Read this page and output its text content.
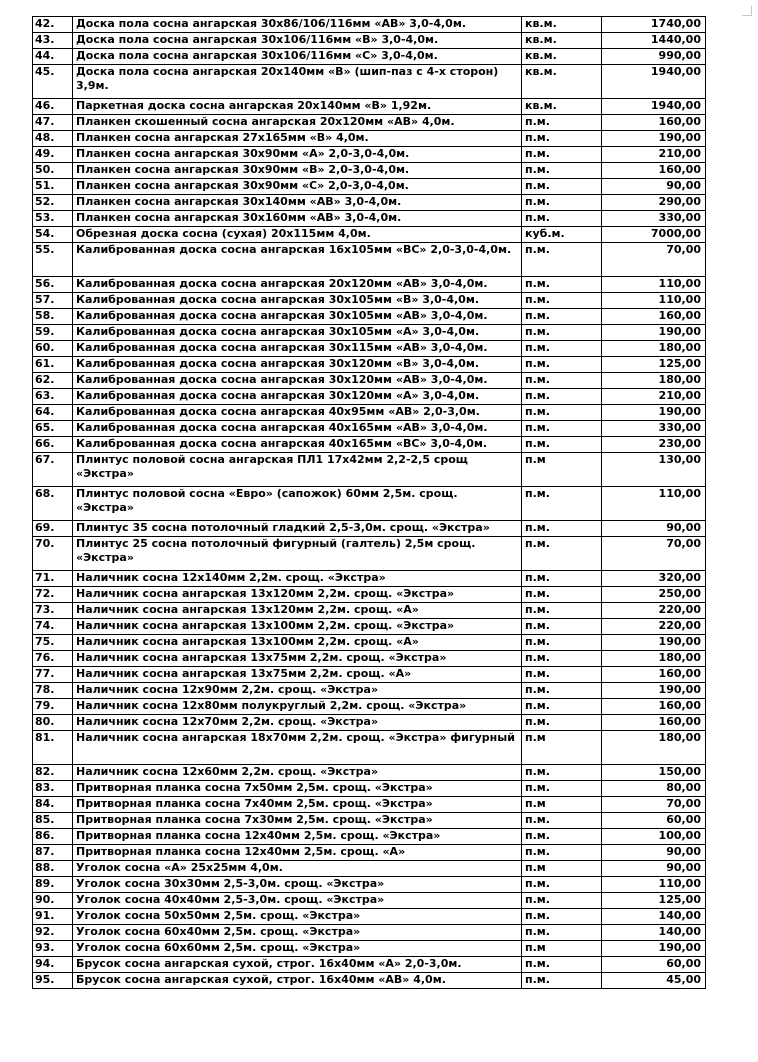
42.	Доска пола сосна ангарская 30х86/106/116мм «АВ» 3,0-4,0м.	кв.м.	1740,00
43.	Доска пола сосна ангарская 30х106/116мм «В» 3,0-4,0м.	кв.м.	1440,00
44.	Доска пола сосна ангарская 30х106/116мм «С» 3,0-4,0м.	кв.м.	990,00
45.	Доска пола сосна ангарская 20х140мм «В» (шип-паз с 4-х сторон) 3,9м.	кв.м.	1940,00
46.	Паркетная доска сосна ангарская 20х140мм «В» 1,92м.	кв.м.	1940,00
47.	Планкен скошенный сосна ангарская 20х120мм «АВ» 4,0м.	п.м.	160,00
48.	Планкен сосна ангарская 27х165мм «В» 4,0м.	п.м.	190,00
49.	Планкен сосна ангарская 30х90мм «А» 2,0-3,0-4,0м.	п.м.	210,00
50.	Планкен сосна ангарская 30х90мм «В» 2,0-3,0-4,0м.	п.м.	160,00
51.	Планкен сосна ангарская 30х90мм «С» 2,0-3,0-4,0м.	п.м.	90,00
52.	Планкен сосна ангарская 30х140мм «АВ» 3,0-4,0м.	п.м.	290,00
53.	Планкен сосна ангарская 30х160мм «АВ» 3,0-4,0м.	п.м.	330,00
54.	Обрезная доска сосна (сухая) 20х115мм 4,0м.	куб.м.	7000,00
55.	Калиброванная доска сосна ангарская 16х105мм «ВС» 2,0-3,0-4,0м.	п.м.	70,00
56.	Калиброванная доска сосна ангарская 20х120мм «АВ» 3,0-4,0м.	п.м.	110,00
57.	Калиброванная доска сосна ангарская 30х105мм «В» 3,0-4,0м.	п.м.	110,00
58.	Калиброванная доска сосна ангарская 30х105мм «АВ» 3,0-4,0м.	п.м.	160,00
59.	Калиброванная доска сосна ангарская 30х105мм «А» 3,0-4,0м.	п.м.	190,00
60.	Калиброванная доска сосна ангарская 30х115мм «АВ» 3,0-4,0м.	п.м.	180,00
61.	Калиброванная доска сосна ангарская 30х120мм «В» 3,0-4,0м.	п.м.	125,00
62.	Калиброванная доска сосна ангарская 30х120мм «АВ» 3,0-4,0м.	п.м.	180,00
63.	Калиброванная доска сосна ангарская 30х120мм «А» 3,0-4,0м.	п.м.	210,00
64.	Калиброванная доска сосна ангарская 40х95мм «АВ» 2,0-3,0м.	п.м.	190,00
65.	Калиброванная доска сосна ангарская 40х165мм «АВ» 3,0-4,0м.	п.м.	330,00
66.	Калиброванная доска сосна ангарская 40х165мм «ВС» 3,0-4,0м.	п.м.	230,00
67.	Плинтус половой сосна ангарская ПЛ1 17х42мм 2,2-2,5 срощ «Экстра»	п.м	130,00
68.	Плинтус половой сосна «Евро» (сапожок) 60мм 2,5м. срощ. «Экстра»	п.м.	110,00
69.	Плинтус 35 сосна потолочный гладкий 2,5-3,0м. срощ. «Экстра»	п.м.	90,00
70.	Плинтус 25 сосна потолочный фигурный (галтель) 2,5м срощ. «Экстра»	п.м.	70,00
71.	Наличник сосна 12х140мм 2,2м. срощ. «Экстра»	п.м.	320,00
72.	Наличник сосна ангарская 13х120мм 2,2м. срощ. «Экстра»	п.м.	250,00
73.	Наличник сосна ангарская 13х120мм 2,2м. срощ. «А»	п.м.	220,00
74.	Наличник сосна ангарская 13х100мм 2,2м. срощ. «Экстра»	п.м.	220,00
75.	Наличник сосна ангарская 13х100мм 2,2м. срощ. «А»	п.м.	190,00
76.	Наличник сосна ангарская 13х75мм 2,2м. срощ. «Экстра»	п.м.	180,00
77.	Наличник сосна ангарская 13х75мм 2,2м. срощ. «А»	п.м.	160,00
78.	Наличник сосна 12х90мм 2,2м. срощ. «Экстра»	п.м.	190,00
79.	Наличник сосна 12х80мм полукруглый 2,2м. срощ. «Экстра»	п.м.	160,00
80.	Наличник сосна 12х70мм 2,2м. срощ. «Экстра»	п.м.	160,00
81.	Наличник сосна ангарская 18х70мм 2,2м. срощ. «Экстра» фигурный	п.м	180,00
82.	Наличник сосна 12х60мм 2,2м. срощ. «Экстра»	п.м.	150,00
83.	Притворная планка сосна 7х50мм 2,5м. срощ. «Экстра»	п.м.	80,00
84.	Притворная планка сосна 7х40мм 2,5м. срощ. «Экстра»	п.м	70,00
85.	Притворная планка сосна 7х30мм 2,5м. срощ. «Экстра»	п.м.	60,00
86.	Притворная планка сосна 12х40мм 2,5м. срощ. «Экстра»	п.м.	100,00
87.	Притворная планка сосна 12х40мм 2,5м. срощ. «А»	п.м.	90,00
88.	Уголок сосна «А» 25х25мм 4,0м.	п.м	90,00
89.	Уголок сосна 30х30мм 2,5-3,0м. срощ. «Экстра»	п.м.	110,00
90.	Уголок сосна 40х40мм 2,5-3,0м. срощ. «Экстра»	п.м.	125,00
91.	Уголок сосна 50х50мм 2,5м. срощ. «Экстра»	п.м.	140,00
92.	Уголок сосна 60х40мм 2,5м. срощ. «Экстра»	п.м.	140,00
93.	Уголок сосна 60х60мм 2,5м. срощ. «Экстра»	п.м	190,00
94.	Брусок сосна ангарская сухой, строг. 16х40мм «А» 2,0-3,0м.	п.м.	60,00
95.	Брусок сосна ангарская сухой, строг. 16х40мм «АВ» 4,0м.	п.м.	45,00
